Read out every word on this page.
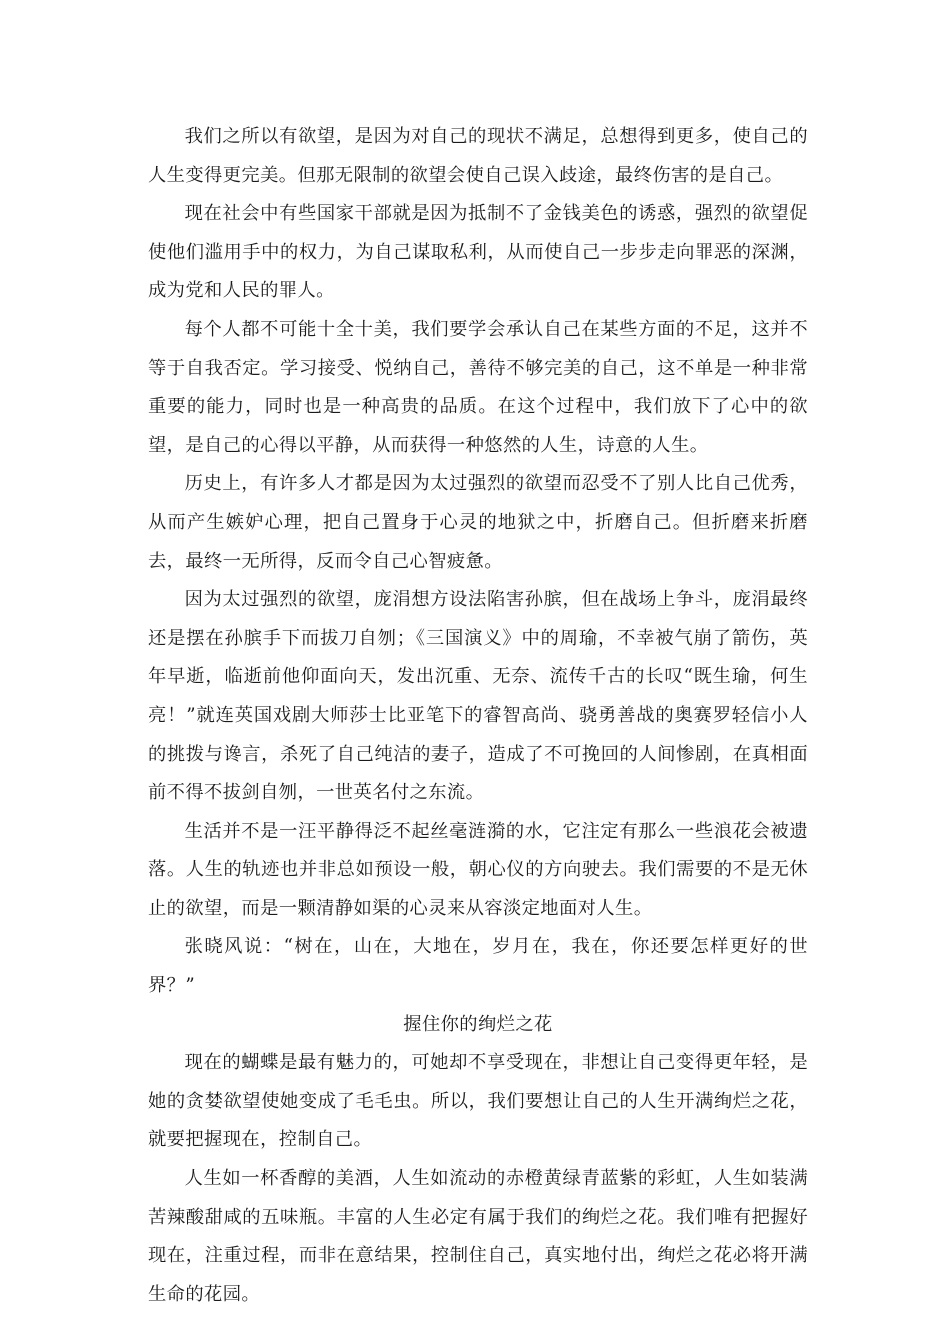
我们之所以有欲望，是因为对自己的现状不满足，总想得到更多，使自己的人生变得更完美。但那无限制的欲望会使自己误入歧途，最终伤害的是自己。

现在社会中有些国家干部就是因为抵制不了金钱美色的诱惑，强烈的欲望促使他们滥用手中的权力，为自己谋取私利，从而使自己一步步走向罪恶的深渊，成为党和人民的罪人。

每个人都不可能十全十美，我们要学会承认自己在某些方面的不足，这并不等于自我否定。学习接受、悦纳自己，善待不够完美的自己，这不单是一种非常重要的能力，同时也是一种高贵的品质。在这个过程中，我们放下了心中的欲望，是自己的心得以平静，从而获得一种悠然的人生，诗意的人生。

历史上，有许多人才都是因为太过强烈的欲望而忍受不了别人比自己优秀，从而产生嫉妒心理，把自己置身于心灵的地狱之中，折磨自己。但折磨来折磨去，最终一无所得，反而令自己心智疲惫。

因为太过强烈的欲望，庞涓想方设法陷害孙膑，但在战场上争斗，庞涓最终还是摆在孙膑手下而拔刀自刎；《三国演义》中的周瑜，不幸被气崩了箭伤，英年早逝，临逝前他仰面向天，发出沉重、无奈、流传千古的长叹“既生瑜，何生亮！”就连英国戏剧大师莎士比亚笔下的睿智高尚、骁勇善战的奥赛罗轻信小人的挑拨与谗言，杀死了自己纯洁的妻子，造成了不可挽回的人间惨剧，在真相面前不得不拔剑自刎，一世英名付之东流。

生活并不是一汪平静得泛不起丝毫涟漪的水，它注定有那么一些浪花会被遗落。人生的轨迹也并非总如预设一般，朝心仪的方向驶去。我们需要的不是无休止的欲望，而是一颗清静如渠的心灵来从容淡定地面对人生。

张晓风说：“树在，山在，大地在，岁月在，我在，你还要怎样更好的世界？”

握住你的绚烂之花

现在的蝴蝶是最有魅力的，可她却不享受现在，非想让自己变得更年轻，是她的贪婪欲望使她变成了毛毛虫。所以，我们要想让自己的人生开满绚烂之花，就要把握现在，控制自己。

人生如一杯香醇的美酒，人生如流动的赤橙黄绿青蓝紫的彩虹，人生如装满苦辣酸甜咸的五味瓶。丰富的人生必定有属于我们的绚烂之花。我们唯有把握好现在，注重过程，而非在意结果，控制住自己，真实地付出，绚烂之花必将开满生命的花园。
